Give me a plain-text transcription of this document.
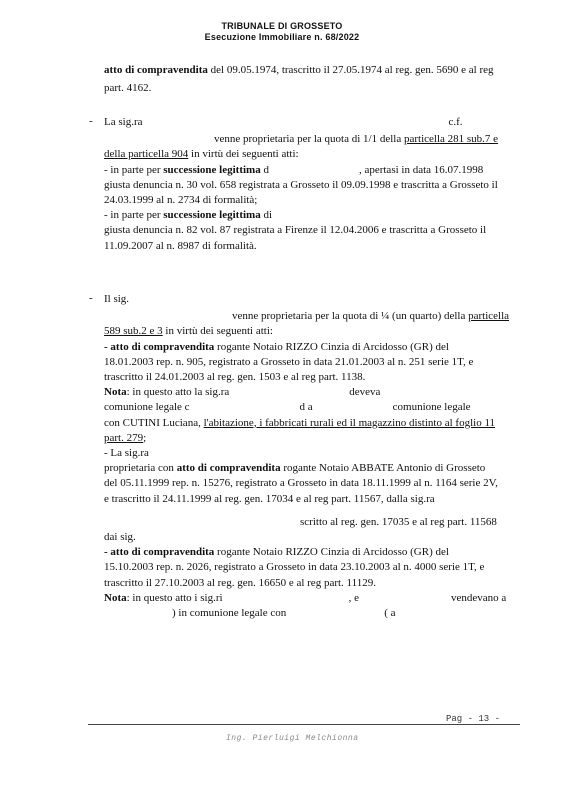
TRIBUNALE DI GROSSETO
Esecuzione Immobiliare n. 68/2022
atto di compravendita del 09.05.1974, trascritto il 27.05.1974 al reg. gen. 5690 e al reg
part. 4162.
- La sig.ra	c.f.
venne proprietaria per la quota di 1/1 della particella 281 sub.7 e
della particella 904 in virtù dei seguenti atti:
- in parte per successione legittima d	, apertasi in data 16.07.1998
giusta denuncia n. 30 vol. 658 registrata a Grosseto il 09.09.1998 e trascritta a Grosseto il
24.03.1999 al n. 2734 di formalità;
- in parte per successione legittima di
giusta denuncia n. 82 vol. 87 registrata a Firenze il 12.04.2006 e trascritta a Grosseto il
11.09.2007 al n. 8987 di formalità.
- Il sig.
venne proprietaria per la quota di ¼ (un quarto) della particella
589 sub.2 e 3 in virtù dei seguenti atti:
- atto di compravendita rogante Notaio RIZZO Cinzia di Arcidosso (GR) del
18.01.2003 rep. n. 905, registrato a Grosseto in data 21.01.2003 al n. 251 serie 1T, e
trascritto il 24.01.2003 al reg. gen. 1503 e al reg part. 1138.
Nota: in questo atto la sig.ra	deveva
comunione legale c	d a	comunione legale
con CUTINI Luciana, l'abitazione, i fabbricati rurali ed il magazzino distinto al foglio 11
part. 279;
- La sig.ra
proprietaria con atto di compravendita rogante Notaio ABBATE Antonio di Grosseto
del 05.11.1999 rep. n. 15276, registrato a Grosseto in data 18.11.1999 al n. 1164 serie 2V,
e trascritto il 24.11.1999 al reg. gen. 17034 e al reg part. 11567, dalla sig.ra
scritto al reg. gen. 17035 e al reg part. 11568
dai sig.
- atto di compravendita rogante Notaio RIZZO Cinzia di Arcidosso (GR) del
15.10.2003 rep. n. 2026, registrato a Grosseto in data 23.10.2003 al n. 4000 serie 1T, e
trascritto il 27.10.2003 al reg. gen. 16650 e al reg part. 11129.
Nota: in questo atto i sig.ri	, e	vendevano a
) in comunione legale con	( a
Pag - 13 -
Ing. Pierluigi Melchionna
